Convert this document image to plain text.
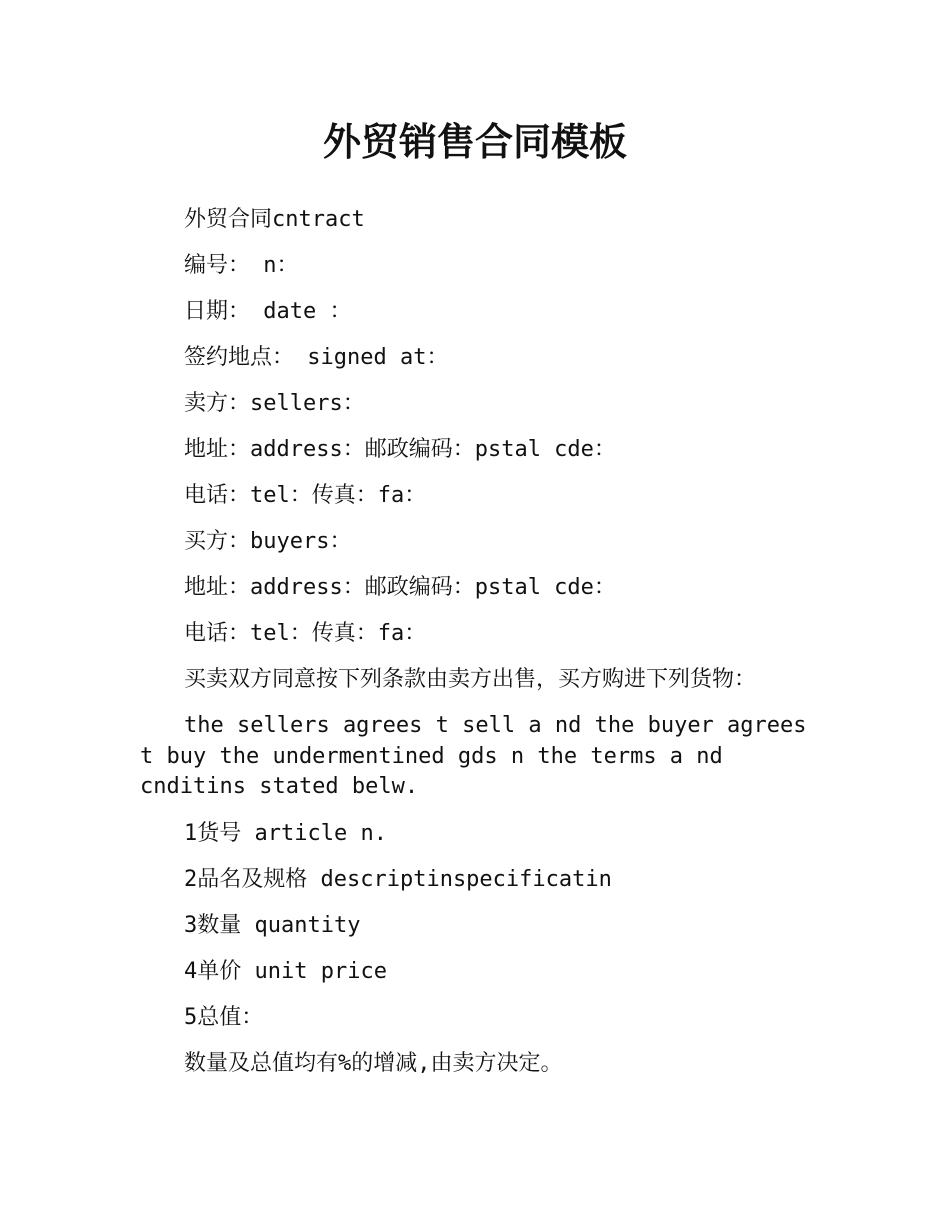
外贸销售合同模板

外贸合同cntract

编号： n：

日期： date ：

签约地点： signed at：

卖方：sellers：

地址：address：邮政编码：pstal cde：

电话：tel：传真：fa：

买方：buyers：

地址：address：邮政编码：pstal cde：

电话：tel：传真：fa：

买卖双方同意按下列条款由卖方出售，买方购进下列货物：

the sellers agrees t sell a nd the buyer agrees t buy the undermentined gds n the terms a nd cnditins stated belw.

1货号 article n.

2品名及规格 descriptinspecificatin

3数量 quantity

4单价 unit price

5总值：

数量及总值均有%的增减,由卖方决定。
